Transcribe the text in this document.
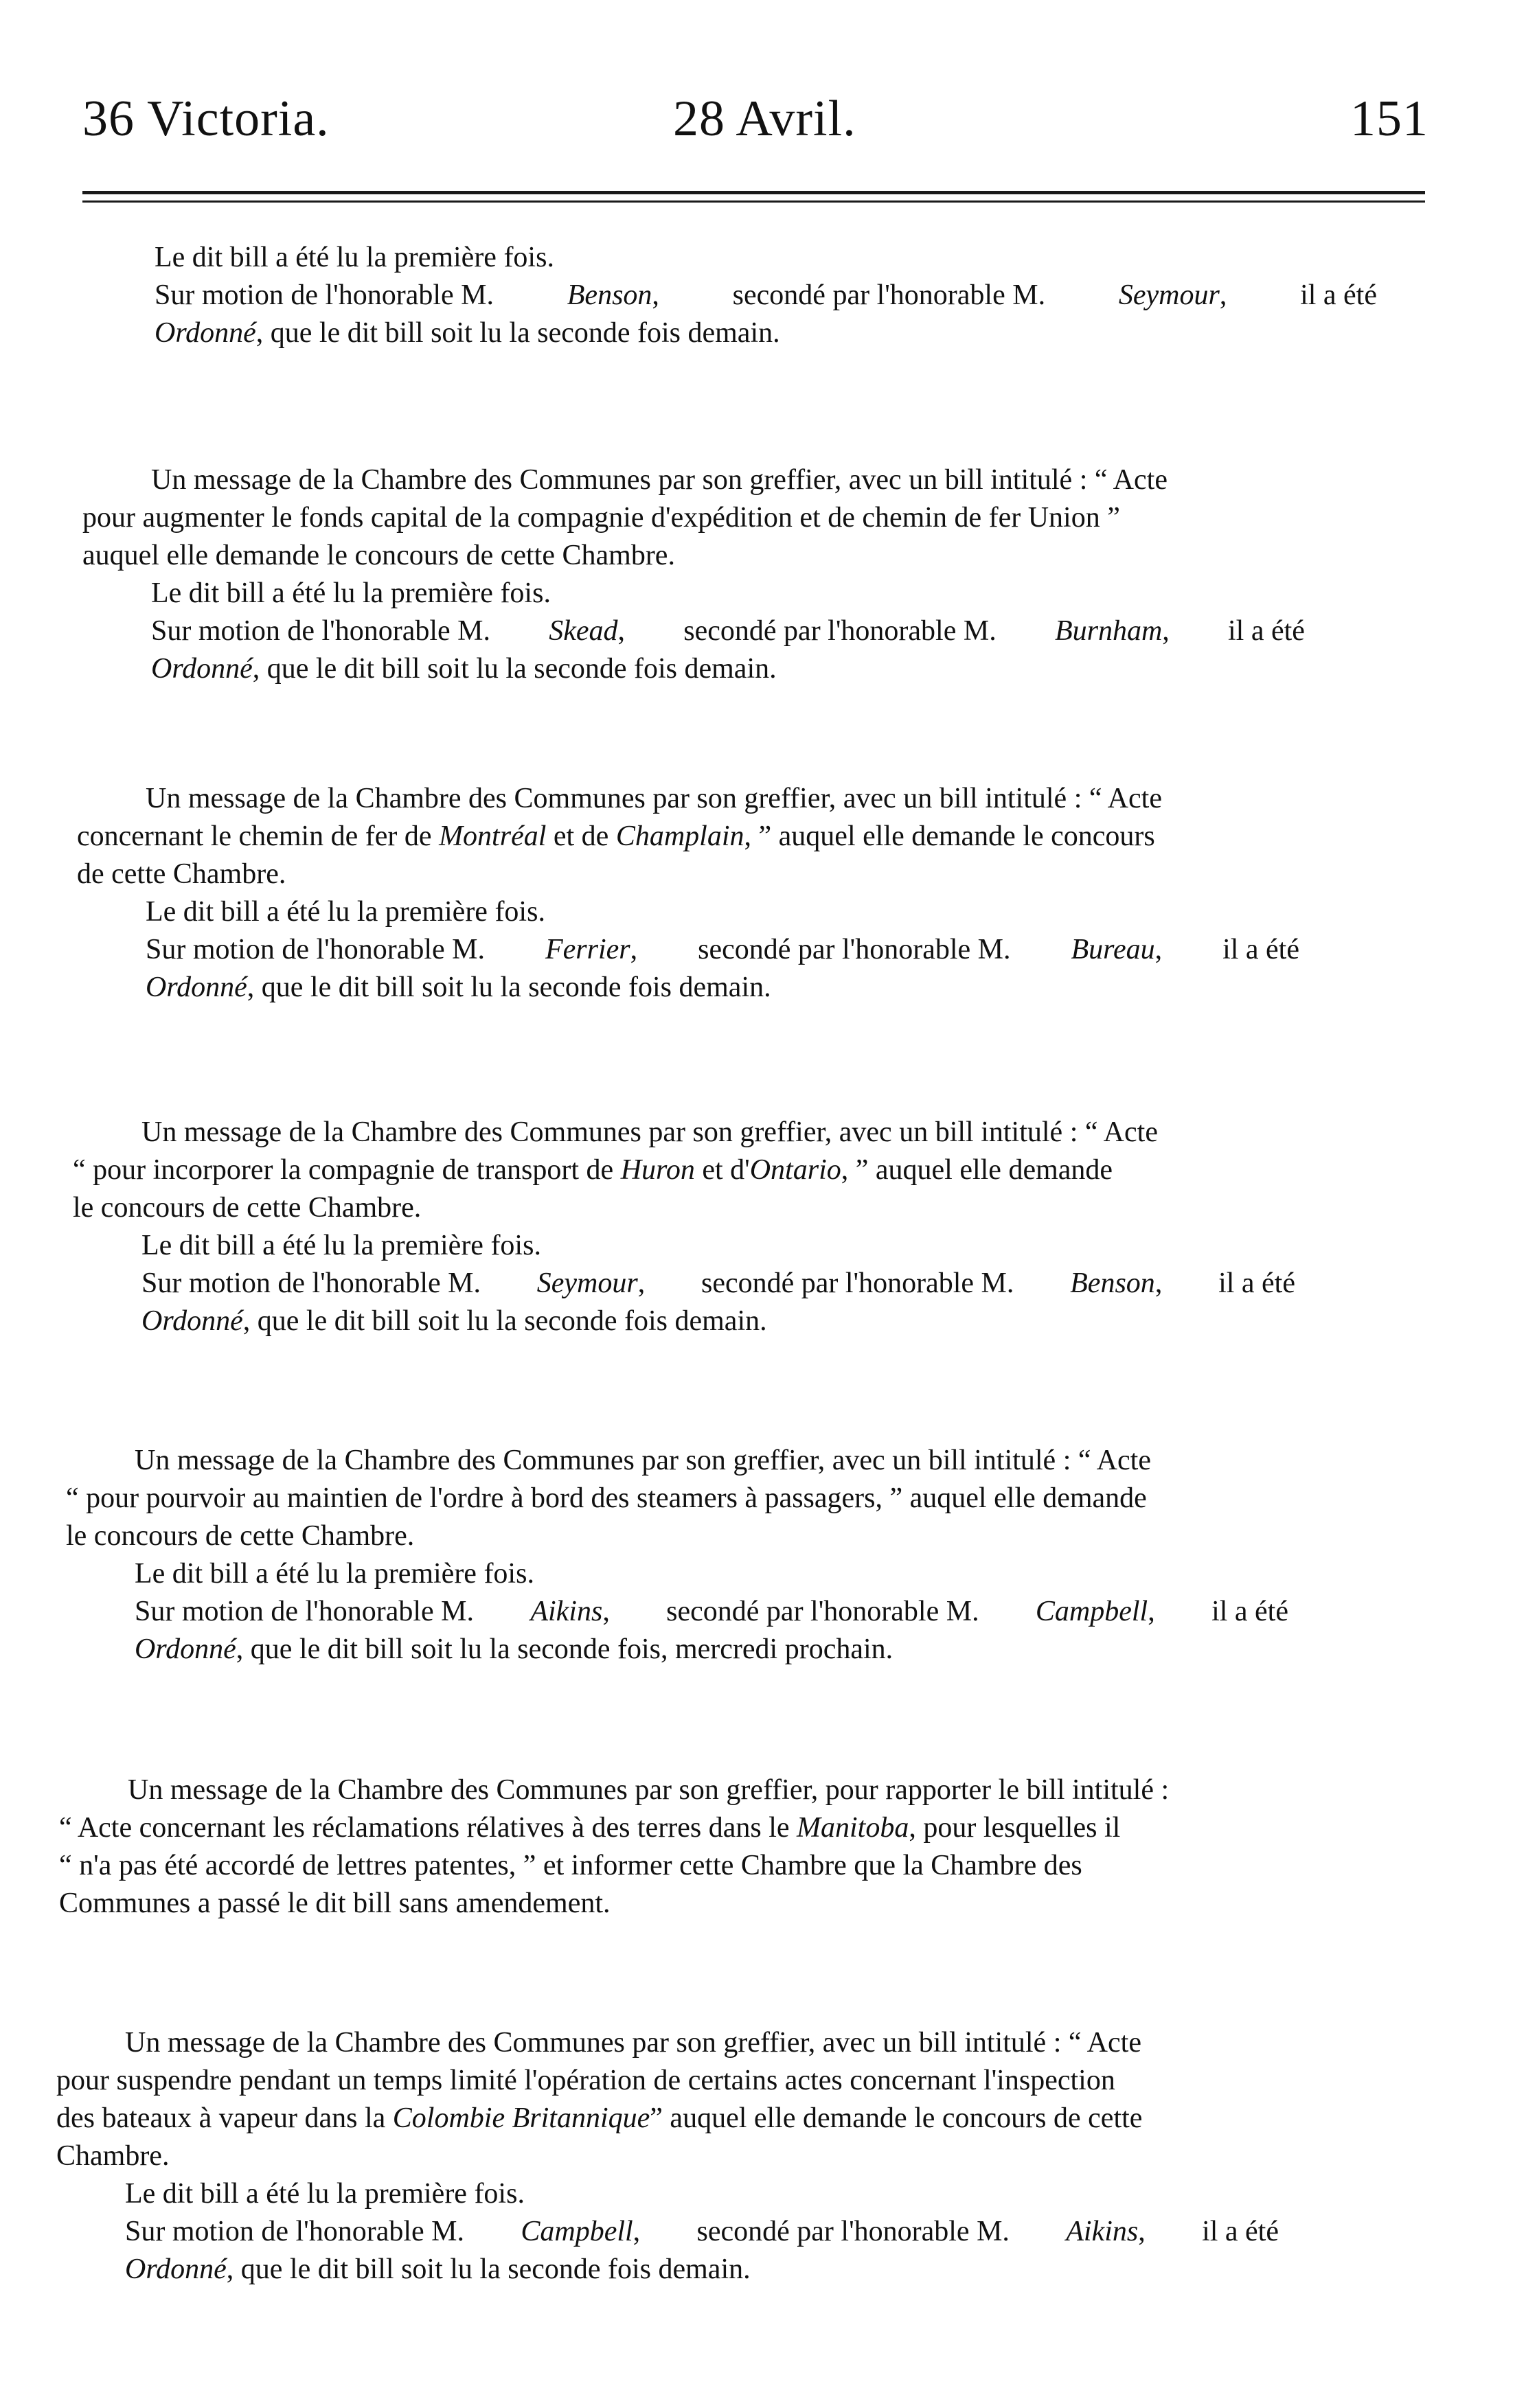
36 Victoria.	28 Avril.	151

Le dit bill a été lu la première fois.

Sur motion de l'honorable M.	Benson,	secondé par l'honorable M.	Seymour,	il a été

Ordonné, que le dit bill soit lu la seconde fois demain.

Un message de la Chambre des Communes par son greffier, avec un bill intitulé : “ Acte

pour augmenter le fonds capital de la compagnie d'expédition et de chemin de fer Union ”

auquel elle demande le concours de cette Chambre.

Le dit bill a été lu la première fois.

Sur motion de l'honorable M. Skead, secondé par l'honorable M. Burnham, il a été

Ordonné, que le dit bill soit lu la seconde fois demain.

Un message de la Chambre des Communes par son greffier, avec un bill intitulé : “ Acte

concernant le chemin de fer de Montréal et de Champlain, ” auquel elle demande le concours

de cette Chambre.

Le dit bill a été lu la première fois.

Sur motion de l'honorable M. Ferrier, secondé par l'honorable M. Bureau, il a été

Ordonné, que le dit bill soit lu la seconde fois demain.

Un message de la Chambre des Communes par son greffier, avec un bill intitulé : “ Acte

“ pour incorporer la compagnie de transport de Huron et d'Ontario, ” auquel elle demande

le concours de cette Chambre.

Le dit bill a été lu la première fois.

Sur motion de l'honorable M. Seymour, secondé par l'honorable M. Benson, il a été

Ordonné, que le dit bill soit lu la seconde fois demain.

Un message de la Chambre des Communes par son greffier, avec un bill intitulé : “ Acte

“ pour pourvoir au maintien de l'ordre à bord des steamers à passagers, ” auquel elle demande

le concours de cette Chambre.

Le dit bill a été lu la première fois.

Sur motion de l'honorable M. Aikins, secondé par l'honorable M. Campbell, il a été

Ordonné, que le dit bill soit lu la seconde fois, mercredi prochain.

Un message de la Chambre des Communes par son greffier, pour rapporter le bill intitulé :

“ Acte concernant les réclamations rélatives à des terres dans le Manitoba, pour lesquelles il

“ n'a pas été accordé de lettres patentes, ” et informer cette Chambre que la Chambre des

Communes a passé le dit bill sans amendement.

Un message de la Chambre des Communes par son greffier, avec un bill intitulé : “ Acte

pour suspendre pendant un temps limité l'opération de certains actes concernant l'inspection

des bateaux à vapeur dans la Colombie Britannique” auquel elle demande le concours de cette

Chambre.

Le dit bill a été lu la première fois.

Sur motion de l'honorable M. Campbell, secondé par l'honorable M. Aikins, il a été

Ordonné, que le dit bill soit lu la seconde fois demain.
